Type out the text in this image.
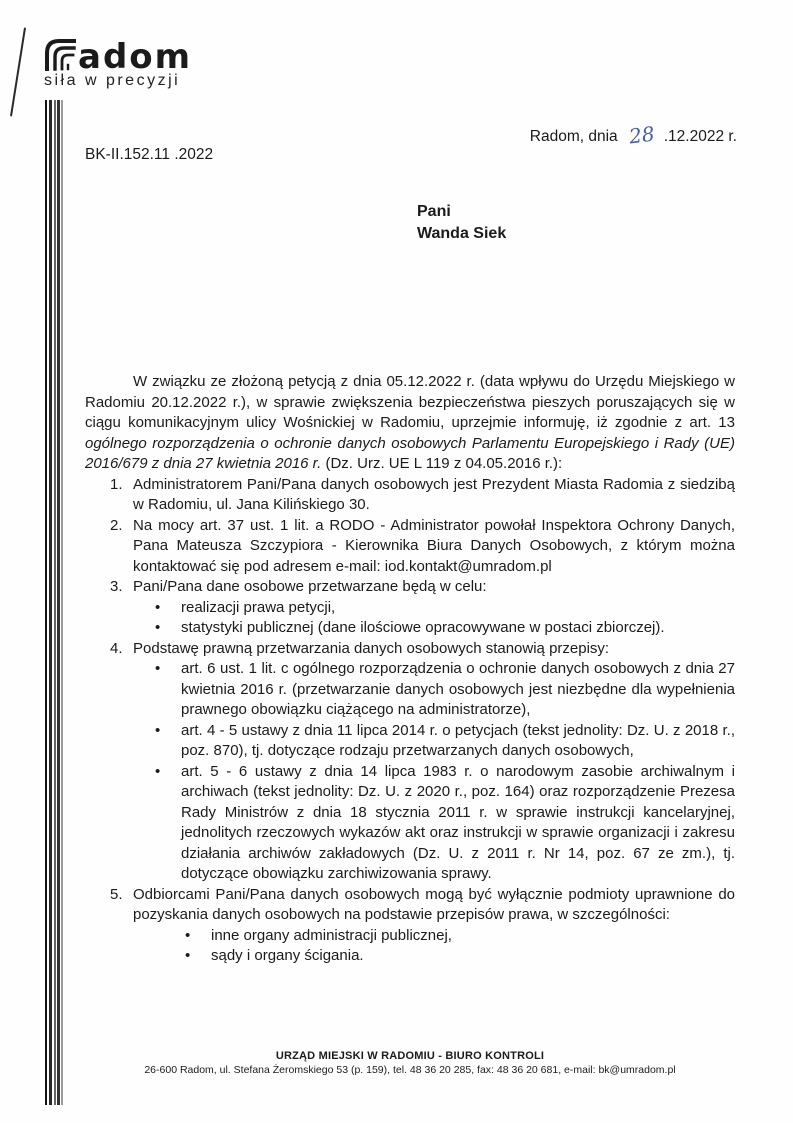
adom
siła w precyzji
Radom, dnia 28 .12.2022 r.
BK-II.152.11 .2022
Pani
Wanda Siek

W związku ze złożoną petycją z dnia 05.12.2022 r. (data wpływu do Urzędu Miejskiego w Radomiu 20.12.2022 r.), w sprawie zwiększenia bezpieczeństwa pieszych poruszających się w ciągu komunikacyjnym ulicy Wośnickiej w Radomiu, uprzejmie informuję, iż zgodnie z art. 13 ogólnego rozporządzenia o ochronie danych osobowych Parlamentu Europejskiego i Rady (UE) 2016/679 z dnia 27 kwietnia 2016 r. (Dz. Urz. UE L 119 z 04.05.2016 r.):

1. Administratorem Pani/Pana danych osobowych jest Prezydent Miasta Radomia z siedzibą w Radomiu, ul. Jana Kilińskiego 30.
2. Na mocy art. 37 ust. 1 lit. a RODO - Administrator powołał Inspektora Ochrony Danych, Pana Mateusza Szczypiora - Kierownika Biura Danych Osobowych, z którym można kontaktować się pod adresem e-mail: iod.kontakt@umradom.pl
3. Pani/Pana dane osobowe przetwarzane będą w celu:
•
realizacji prawa petycji,
•
statystyki publicznej (dane ilościowe opracowywane w postaci zbiorczej).
4. Podstawę prawną przetwarzania danych osobowych stanowią przepisy:
•
art. 6 ust. 1 lit. c ogólnego rozporządzenia o ochronie danych osobowych z dnia 27 kwietnia 2016 r. (przetwarzanie danych osobowych jest niezbędne dla wypełnienia prawnego obowiązku ciążącego na administratorze),
•
art. 4 - 5 ustawy z dnia 11 lipca 2014 r. o petycjach (tekst jednolity: Dz. U. z 2018 r., poz. 870), tj. dotyczące rodzaju przetwarzanych danych osobowych,
•
art. 5 - 6 ustawy z dnia 14 lipca 1983 r. o narodowym zasobie archiwalnym i archiwach (tekst jednolity: Dz. U. z 2020 r., poz. 164) oraz rozporządzenie Prezesa Rady Ministrów z dnia 18 stycznia 2011 r. w sprawie instrukcji kancelaryjnej, jednolitych rzeczowych wykazów akt oraz instrukcji w sprawie organizacji i zakresu działania archiwów zakładowych (Dz. U. z 2011 r. Nr 14, poz. 67 ze zm.), tj. dotyczące obowiązku zarchiwizowania sprawy.
5. Odbiorcami Pani/Pana danych osobowych mogą być wyłącznie podmioty uprawnione do pozyskania danych osobowych na podstawie przepisów prawa, w szczególności:
•
inne organy administracji publicznej,
•
sądy i organy ścigania.
URZĄD MIEJSKI W RADOMIU - BIURO KONTROLI
26-600 Radom, ul. Stefana Żeromskiego 53 (p. 159), tel. 48 36 20 285, fax: 48 36 20 681, e-mail: bk@umradom.pl
